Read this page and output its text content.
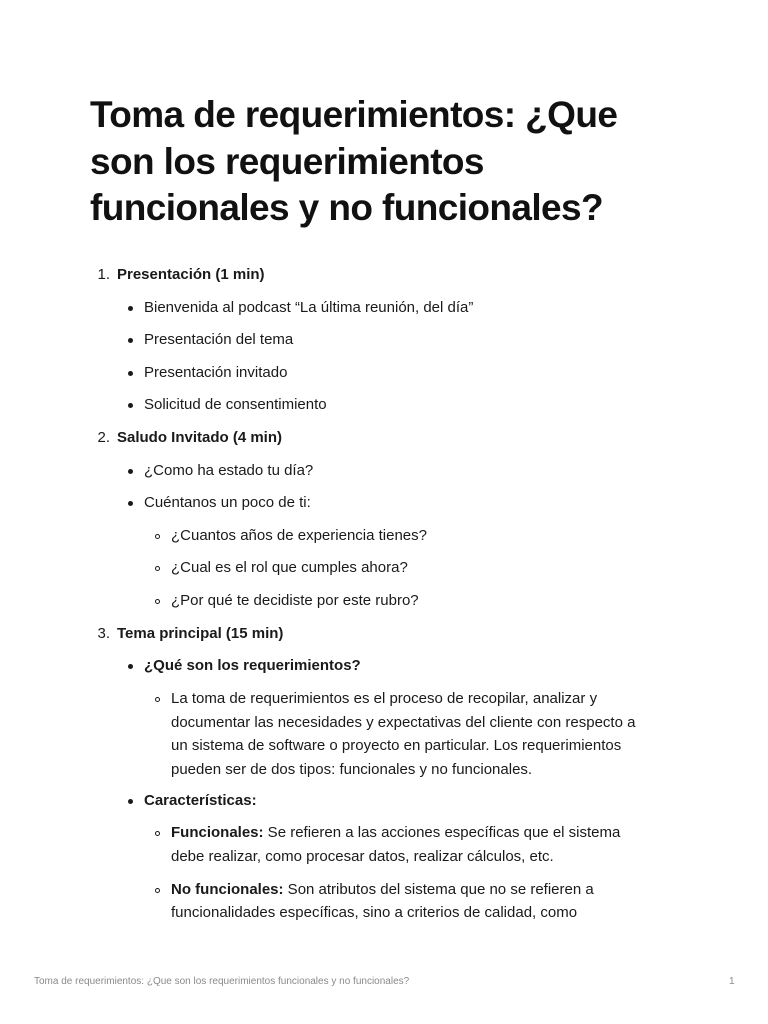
Toma de requerimientos: ¿Que son los requerimientos funcionales y no funcionales?
1. Presentación (1 min)
Bienvenida al podcast “La última reunión, del día”
Presentación del tema
Presentación invitado
Solicitud de consentimiento
2. Saludo Invitado (4 min)
¿Como ha estado tu día?
Cuéntanos un poco de ti:
¿Cuantos años de experiencia tienes?
¿Cual es el rol que cumples ahora?
¿Por qué te decidiste por este rubro?
3. Tema principal (15 min)
¿Qué son los requerimientos?
La toma de requerimientos es el proceso de recopilar, analizar y
documentar las necesidades y expectativas del cliente con respecto a
un sistema de software o proyecto en particular. Los requerimientos
pueden ser de dos tipos: funcionales y no funcionales.
Características:
Funcionales: Se refieren a las acciones específicas que el sistema
debe realizar, como procesar datos, realizar cálculos, etc.
No funcionales: Son atributos del sistema que no se refieren a
funcionalidades específicas, sino a criterios de calidad, como
Toma de requerimientos: ¿Que son los requerimientos funcionales y no funcionales?	1
